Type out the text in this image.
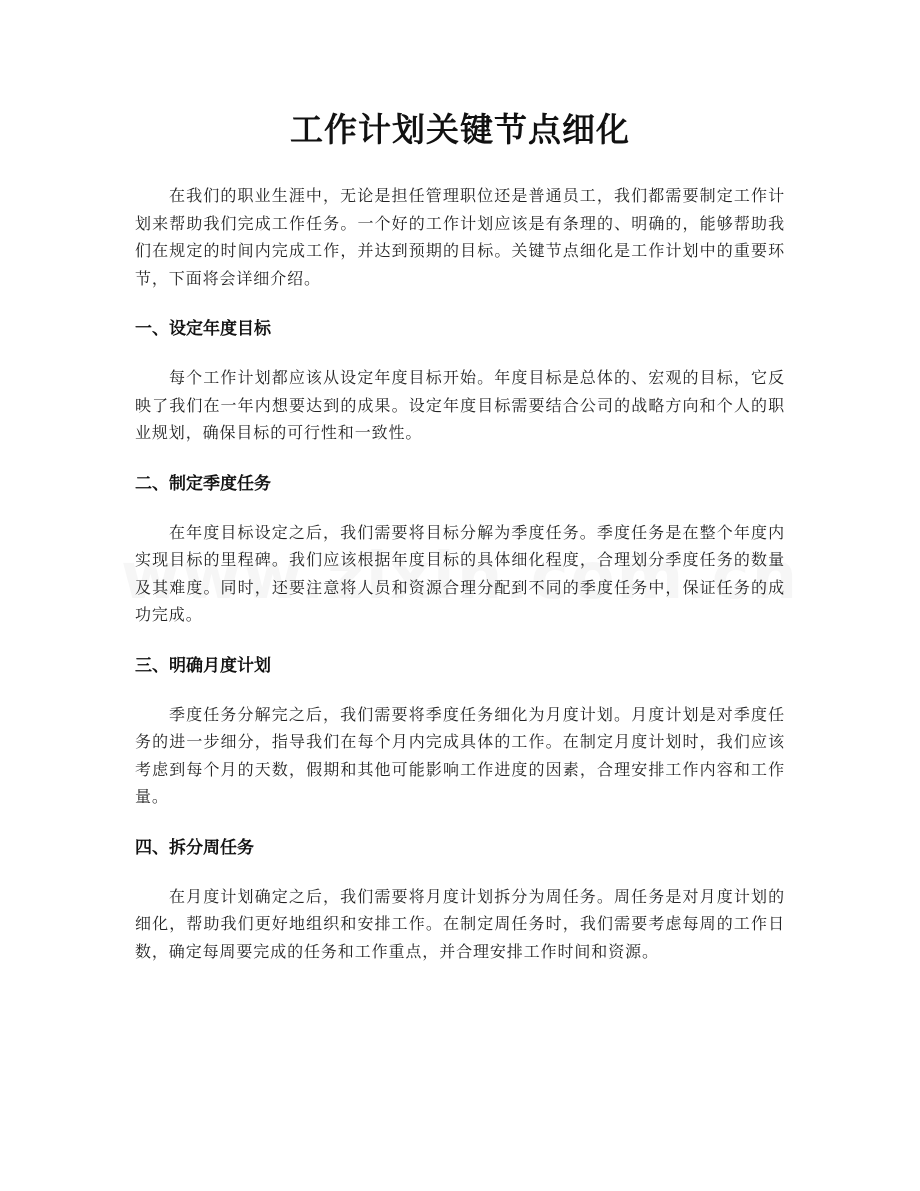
工作计划关键节点细化

在我们的职业生涯中，无论是担任管理职位还是普通员工，我们都需要制定工作计划来帮助我们完成工作任务。一个好的工作计划应该是有条理的、明确的，能够帮助我们在规定的时间内完成工作，并达到预期的目标。关键节点细化是工作计划中的重要环节，下面将会详细介绍。

一、设定年度目标

每个工作计划都应该从设定年度目标开始。年度目标是总体的、宏观的目标，它反映了我们在一年内想要达到的成果。设定年度目标需要结合公司的战略方向和个人的职业规划，确保目标的可行性和一致性。

二、制定季度任务

在年度目标设定之后，我们需要将目标分解为季度任务。季度任务是在整个年度内实现目标的里程碑。我们应该根据年度目标的具体细化程度，合理划分季度任务的数量及其难度。同时，还要注意将人员和资源合理分配到不同的季度任务中，保证任务的成功完成。

三、明确月度计划

季度任务分解完之后，我们需要将季度任务细化为月度计划。月度计划是对季度任务的进一步细分，指导我们在每个月内完成具体的工作。在制定月度计划时，我们应该考虑到每个月的天数，假期和其他可能影响工作进度的因素，合理安排工作内容和工作量。

四、拆分周任务

在月度计划确定之后，我们需要将月度计划拆分为周任务。周任务是对月度计划的细化，帮助我们更好地组织和安排工作。在制定周任务时，我们需要考虑每周的工作日数，确定每周要完成的任务和工作重点，并合理安排工作时间和资源。
